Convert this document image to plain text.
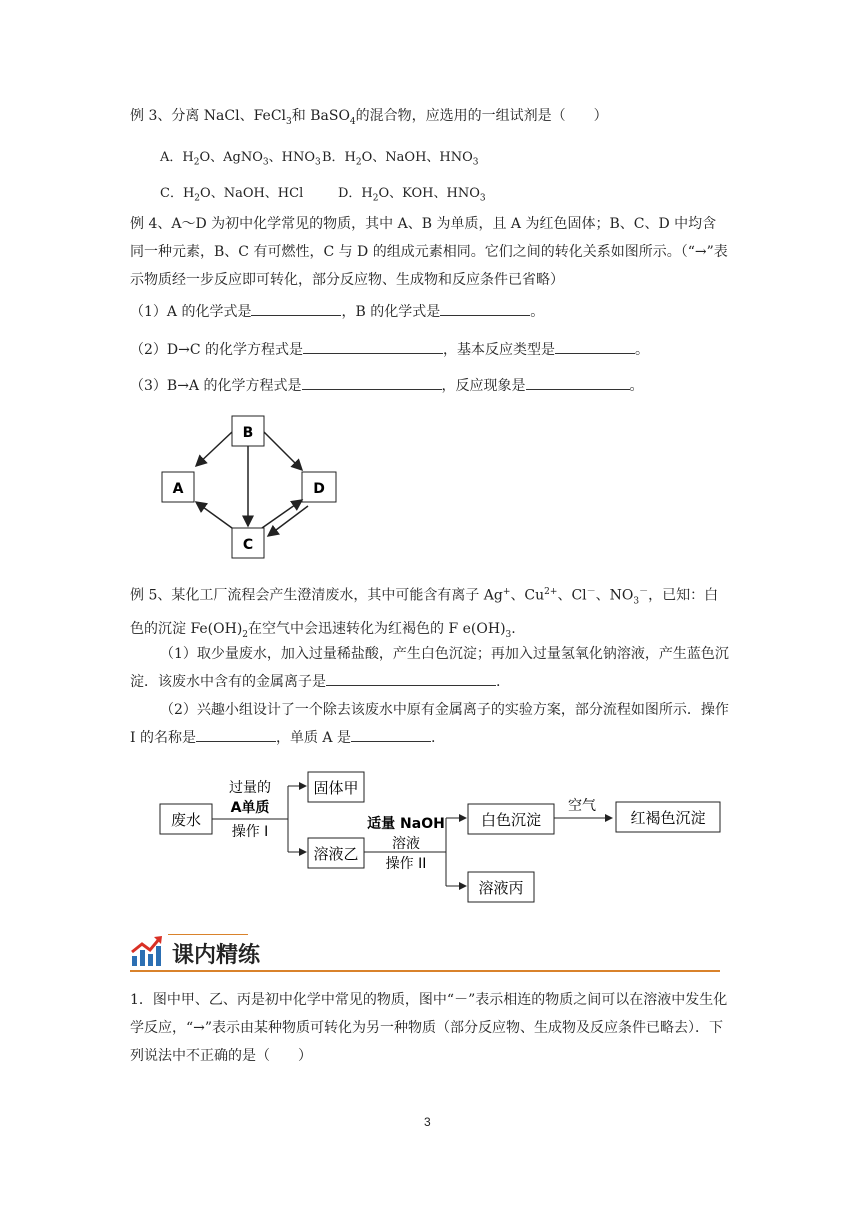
例 3、分离 NaCl、FeCl$_3$和 BaSO$_4$的混合物，应选用的一组试剂是（　　）

A．$H_2O$、AgNO$_3$、$HNO_3$ B．$H_2O$、NaOH、$HNO_3$
C．$H_2O$、NaOH、HCl	D．$H_2O$、KOH、$HNO_3$

例 4、A～D 为初中化学常见的物质，其中 A、B 为单质，且 A 为红色固体；B、C、D 中均含同一种元素，B、C 有可燃性，C 与 D 的组成元素相同。它们之间的转化关系如图所示。（“→”表示物质经一步反应即可转化，部分反应物、生成物和反应条件已省略）

（1）A 的化学式是	，B 的化学式是	。

（2）D→C 的化学方程式是	，基本反应类型是	。

（3）B→A 的化学方程式是	，反应现象是	。

B
A	D
C

例 5、某化工厂流程会产生澄清废水，其中可能含有离子 Ag+、$Cu^{2+}$、Cl－、$NO_3^-$，已知：白色的沉淀 $Fe(OH)_2$在空气中会迅速转化为红褐色的 F $e(OH)_3$.

（1）取少量废水，加入过量稀盐酸，产生白色沉淀；再加入过量氢氧化钠溶液，产生蓝色沉淀．该废水中含有的金属离子是	.

（2）兴趣小组设计了一个除去该废水中原有金属离子的实验方案，部分流程如图所示．操作 I 的名称是	，单质 A 是	.

废水
过量的
A单质
操作 I
固体甲
溶液乙
适量 NaOH
溶液
操作 II
白色沉淀
溶液丙
空气
红褐色沉淀
课内精练

1．图中甲、乙、丙是初中化学中常见的物质，图中“－”表示相连的物质之间可以在溶液中发生化学反应，“→”表示由某种物质可转化为另一种物质（部分反应物、生成物及反应条件已略去）．下列说法中不正确的是（　　）

3
